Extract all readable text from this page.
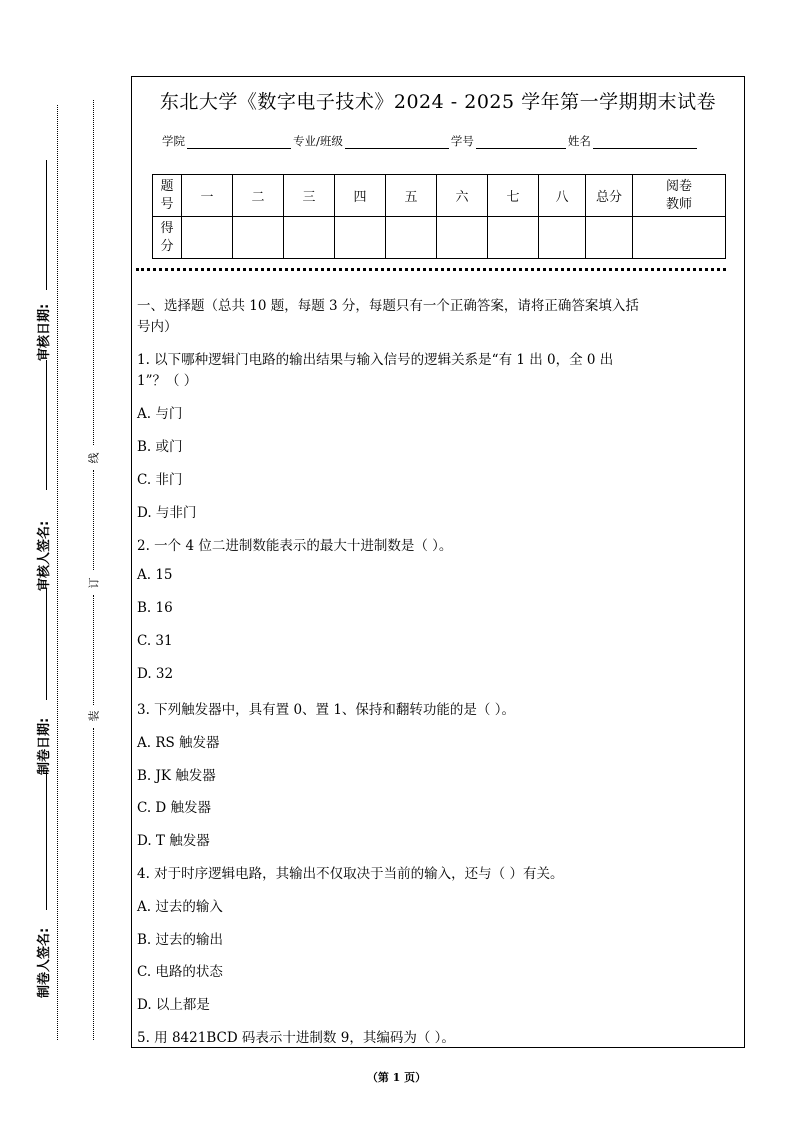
审核日期:
审核人签名:
制卷日期:
制卷人签名:
线
订
装
东北大学《数字电子技术》2024 - 2025 学年第一学期期末试卷
学院	专业/班级	学号	姓名
题号	一	二	三	四	五	六	七	八	总分	阅卷教师
得分										
一、选择题（总共 10 题，每题 3 分，每题只有一个正确答案，请将正确答案填入括
号内）
1. 以下哪种逻辑门电路的输出结果与输入信号的逻辑关系是“有 1 出 0，全 0 出
1”？（ ）
A. 与门
B. 或门
C. 非门
D. 与非门
2. 一个 4 位二进制数能表示的最大十进制数是（ ）。
A. 15
B. 16
C. 31
D. 32
3. 下列触发器中，具有置 0、置 1、保持和翻转功能的是（ ）。
A. RS 触发器
B. JK 触发器
C. D 触发器
D. T 触发器
4. 对于时序逻辑电路，其输出不仅取决于当前的输入，还与（ ）有关。
A. 过去的输入
B. 过去的输出
C. 电路的状态
D. 以上都是
5. 用 8421BCD 码表示十进制数 9，其编码为（ ）。
（第 1 页）
